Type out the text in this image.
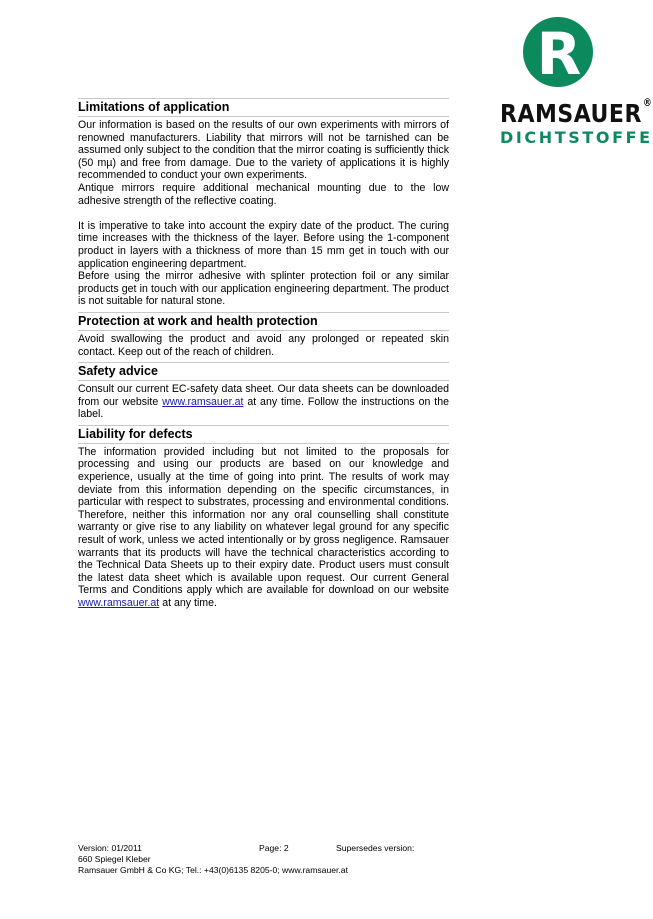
R
RAMSAUER®
DICHTSTOFFE
Limitations of application

Our information is based on the results of our own experiments with mirrors of renowned manufacturers. Liability that mirrors will not be tarnished can be assumed only subject to the condition that the mirror coating is sufficiently thick (50 mµ) and free from damage. Due to the variety of applications it is highly recommended to conduct your own experiments.

Antique mirrors require additional mechanical mounting due to the low adhesive strength of the reflective coating.

It is imperative to take into account the expiry date of the product. The curing time increases with the thickness of the layer. Before using the 1-component product in layers with a thickness of more than 15 mm get in touch with our application engineering department.

Before using the mirror adhesive with splinter protection foil or any similar products get in touch with our application engineering department. The product is not suitable for natural stone.

Protection at work and health protection

Avoid swallowing the product and avoid any prolonged or repeated skin contact. Keep out of the reach of children.

Safety advice

Consult our current EC-safety data sheet. Our data sheets can be downloaded from our website www.ramsauer.at at any time. Follow the instructions on the label.

Liability for defects

The information provided including but not limited to the proposals for processing and using our products are based on our knowledge and experience, usually at the time of going into print. The results of work may deviate from this information depending on the specific circumstances, in particular with respect to substrates, processing and environmental conditions. Therefore, neither this information nor any oral counselling shall constitute warranty or give rise to any liability on whatever legal ground for any specific result of work, unless we acted intentionally or by gross negligence. Ramsauer warrants that its products will have the technical characteristics according to the Technical Data Sheets up to their expiry date. Product users must consult the latest data sheet which is available upon request. Our current General Terms and Conditions apply which are available for download on our website www.ramsauer.at at any time.

Version: 01/2011	Page: 2	Supersedes version:
660 Spiegel Kleber
Ramsauer GmbH & Co KG; Tel.: +43(0)6135 8205-0; www.ramsauer.at
